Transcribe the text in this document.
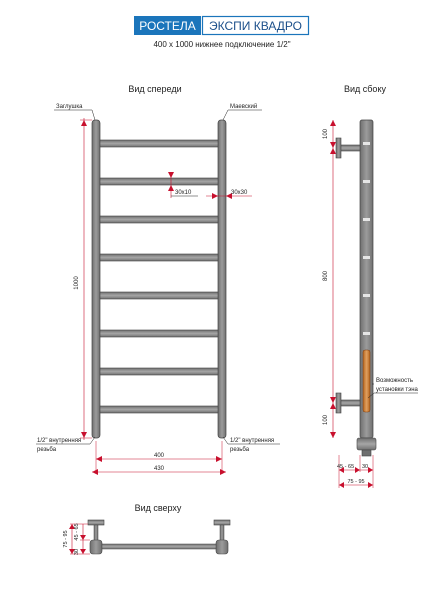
РОСТЕЛА ЭКСПИ КВАДРО
400 x 1000 нижнее подключение 1/2"
Вид спереди
Заглушка	Маевский
30x10	30x30
1000
1/2" внутренняя
резьба
1/2" внутренняя
резьба
400
430
Вид сбоку
100
800
100
Возможность
установки тэна
45 - 65 30
75 - 95
Вид сверху
75 - 95
30
45 - 65
